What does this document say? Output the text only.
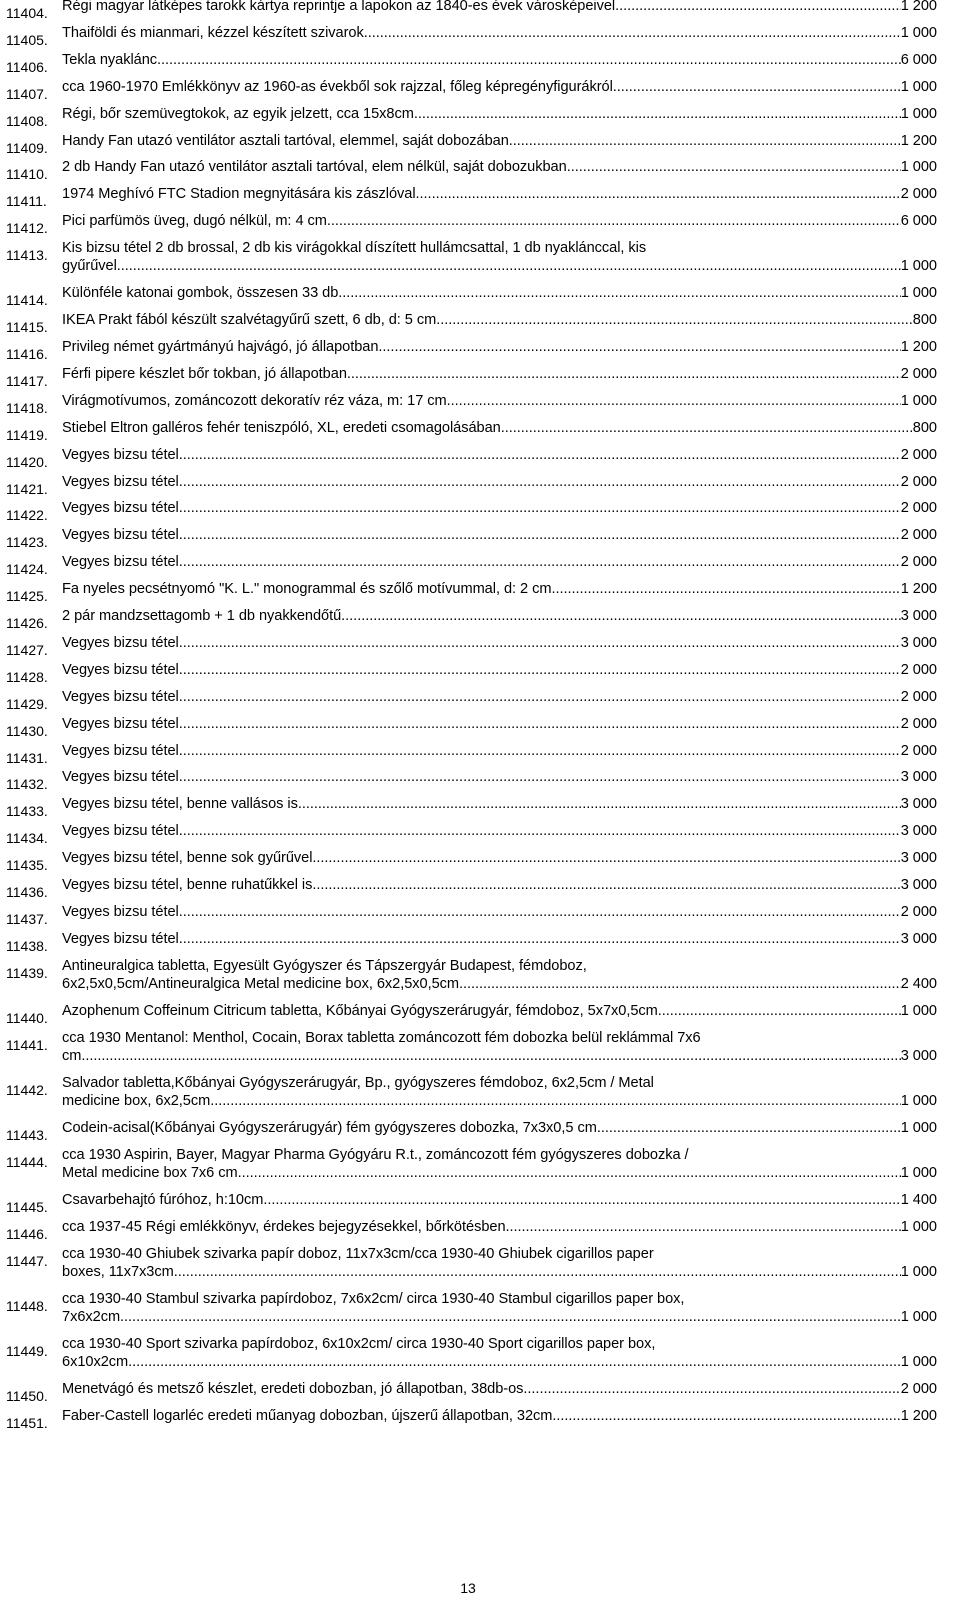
11404. Régi magyar látképes tarokk kártya reprintje a lapokon az 1840-es évek városképeivel. .....	1 200
11405. Thaiföldi és mianmari, kézzel készített szivarok .....	1 000
11406. Tekla nyaklánc .....	6 000
11407. cca 1960-1970 Emlékkönyv az 1960-as évekből sok rajzzal, főleg képregényfigurákról .....	1 000
11408. Régi, bőr szemüvegtokok, az egyik jelzett, cca 15x8cm .....	1 000
11409. Handy Fan utazó ventilátor asztali tartóval, elemmel, saját dobozában .....	1 200
11410. 2 db Handy Fan utazó ventilátor asztali tartóval, elem nélkül, saját dobozukban .....	1 000
11411.	1974 Meghívó FTC Stadion megnyitására kis zászlóval .....	2 000
11412. Pici parfümös üveg, dugó nélkül, m: 4 cm .....	6 000
11413. Kis bizsu tétel 2 db brossal, 2 db kis virágokkal díszített hullámcsattal, 1 db nyaklánccal, kis
gyűrűvel .....	1 000
11414. Különféle katonai gombok, összesen 33 db .....	1 000
11415. IKEA Prakt fából készült szalvétagyűrű szett, 6 db, d: 5 cm .....	800
11416. Privileg német gyártmányú hajvágó, jó állapotban .....	1 200
11417. Férfi pipere készlet bőr tokban, jó állapotban .....	2 000
11418. Virágmotívumos, zománcozott dekoratív réz váza, m: 17 cm .....	1 000
11419. Stiebel Eltron galléros fehér teniszpóló, XL, eredeti csomagolásában .....	800
11420. Vegyes bizsu tétel .....	2 000
11421. Vegyes bizsu tétel .....	2 000
11422. Vegyes bizsu tétel .....	2 000
11423. Vegyes bizsu tétel .....	2 000
11424. Vegyes bizsu tétel .....	2 000
11425. Fa nyeles pecsétnyomó "K. L." monogrammal és szőlő motívummal, d: 2 cm .....	1 200
11426. 2 pár mandzsettagomb + 1 db nyakkendőtű .....	3 000
11427. Vegyes bizsu tétel .....	3 000
11428. Vegyes bizsu tétel .....	2 000
11429. Vegyes bizsu tétel .....	2 000
11430. Vegyes bizsu tétel .....	2 000
11431. Vegyes bizsu tétel .....	2 000
11432. Vegyes bizsu tétel .....	3 000
11433. Vegyes bizsu tétel, benne vallásos is .....	3 000
11434. Vegyes bizsu tétel .....	3 000
11435. Vegyes bizsu tétel, benne sok gyűrűvel .....	3 000
11436. Vegyes bizsu tétel, benne ruhatűkkel is .....	3 000
11437. Vegyes bizsu tétel .....	2 000
11438. Vegyes bizsu tétel .....	3 000
11439. Antineuralgica tabletta, Egyesült Gyógyszer és Tápszergyár Budapest, fémdoboz,
6x2,5x0,5cm/Antineuralgica Metal medicine box, 6x2,5x0,5cm .....	2 400
11440. Azophenum Coffeinum Citricum tabletta, Kőbányai Gyógyszerárugyár, fémdoboz, 5x7x0,5cm .....	1 000
11441. cca 1930 Mentanol: Menthol, Cocain, Borax tabletta zománcozott fém dobozka belül reklámmal 7x6
cm .....	3 000
11442. Salvador tabletta,Kőbányai Gyógyszerárugyár, Bp., gyógyszeres fémdoboz, 6x2,5cm / Metal
medicine box, 6x2,5cm .....	1 000
11443. Codein-acisal(Kőbányai Gyógyszerárugyár) fém gyógyszeres dobozka, 7x3x0,5 cm .....	1 000
11444. cca 1930 Aspirin, Bayer, Magyar Pharma Gyógyáru R.t., zománcozott fém gyógyszeres dobozka /
Metal medicine box 7x6 cm .....	1 000
11445. Csavarbehajtó fúróhoz, h:10cm .....	1 400
11446. cca 1937-45 Régi emlékkönyv, érdekes bejegyzésekkel, bőrkötésben .....	1 000
11447. cca 1930-40 Ghiubek szivarka papír doboz, 11x7x3cm/cca 1930-40 Ghiubek cigarillos paper
boxes, 11x7x3cm .....	1 000
11448. cca 1930-40 Stambul szivarka papírdoboz, 7x6x2cm/ circa 1930-40 Stambul cigarillos paper box,
7x6x2cm .....	1 000
11449. cca 1930-40 Sport szivarka papírdoboz, 6x10x2cm/ circa 1930-40 Sport cigarillos paper box,
6x10x2cm .....	1 000
11450. Menetvágó és metsző készlet, eredeti dobozban, jó állapotban, 38db-os .....	2 000
11451. Faber-Castell logarléc eredeti műanyag dobozban, újszerű állapotban, 32cm .....	1 200
13
